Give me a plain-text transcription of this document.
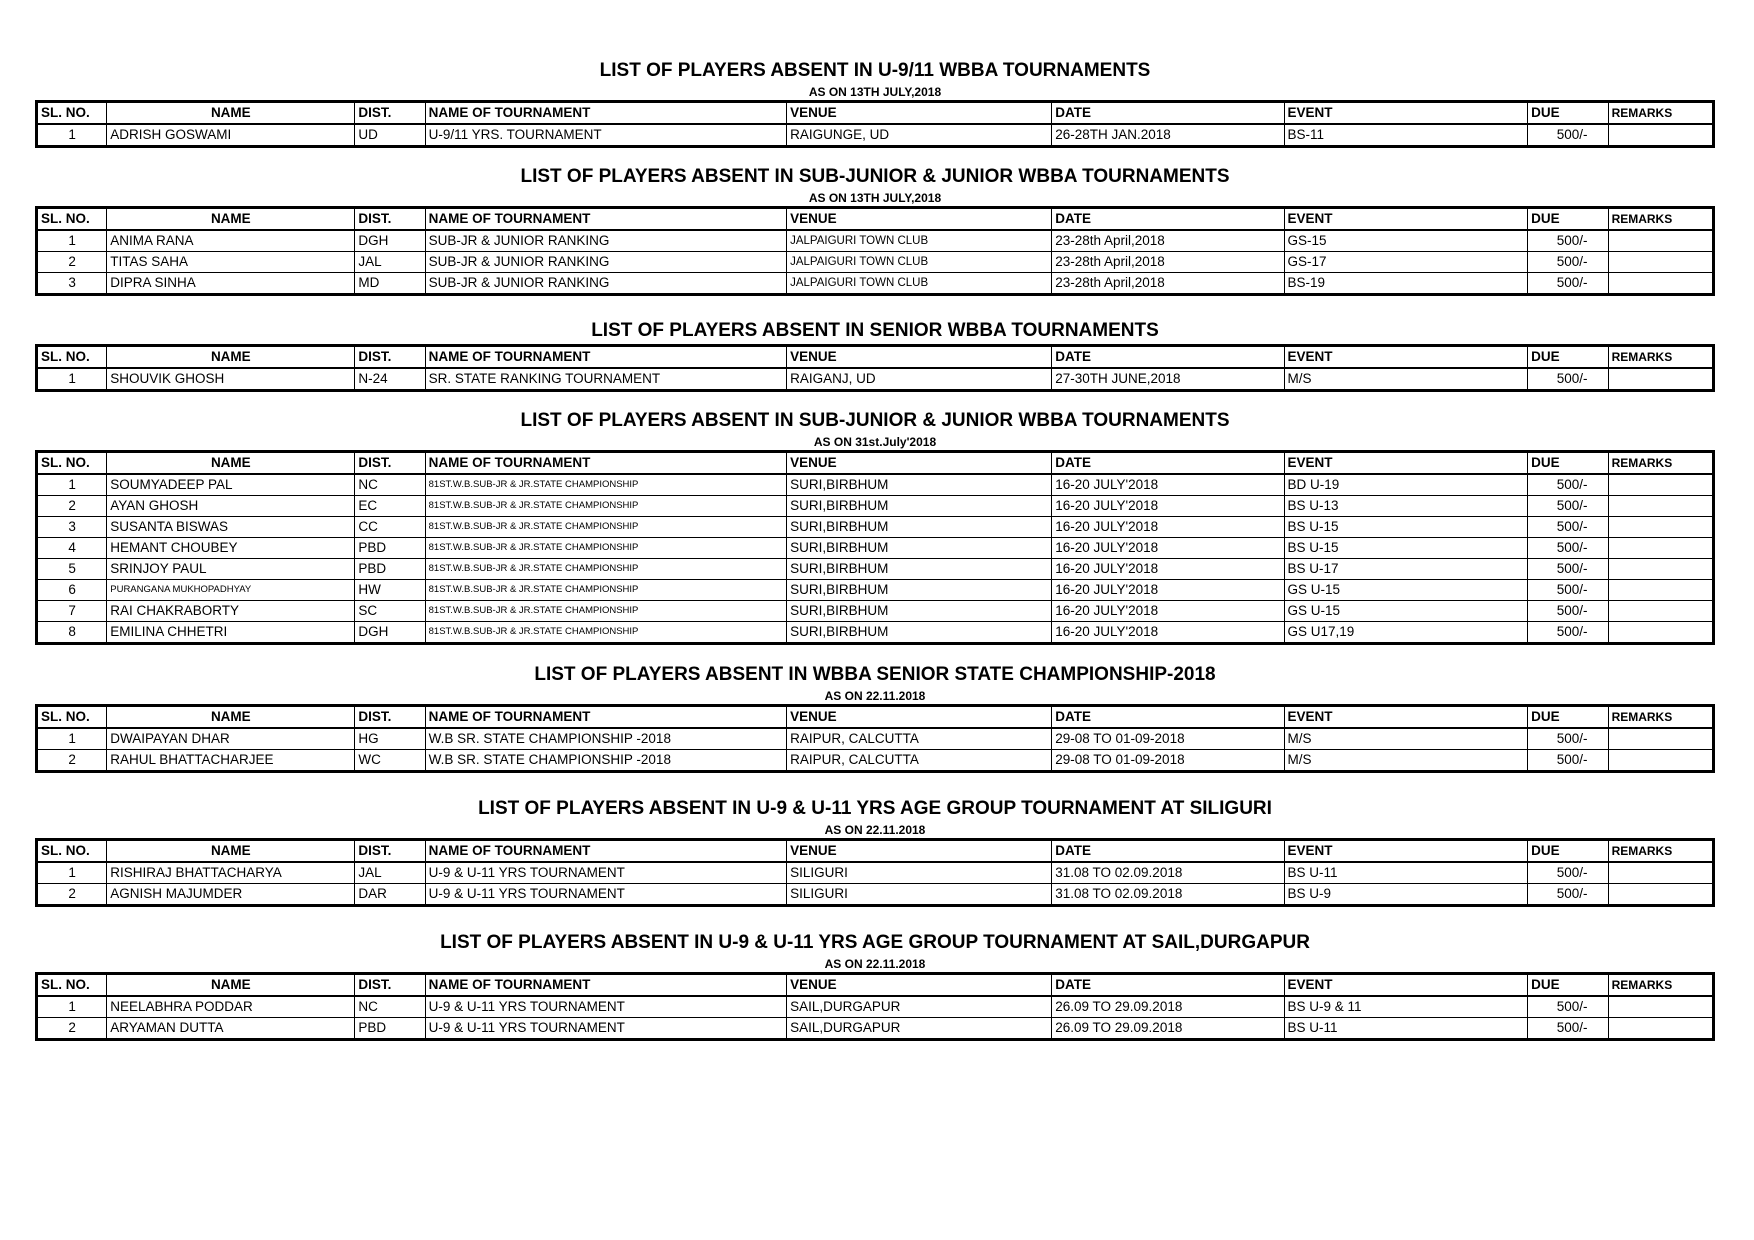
LIST OF PLAYERS ABSENT IN U-9/11 WBBA TOURNAMENTS
AS ON 13TH JULY,2018
SL. NO.	NAME	DIST.	NAME OF TOURNAMENT	VENUE	DATE	EVENT	DUE	REMARKS
1	ADRISH GOSWAMI	UD	U-9/11 YRS. TOURNAMENT	RAIGUNGE, UD	26-28TH JAN.2018	BS-11	500/-	
LIST OF PLAYERS ABSENT IN SUB-JUNIOR & JUNIOR WBBA TOURNAMENTS
AS ON 13TH JULY,2018
SL. NO.	NAME	DIST.	NAME OF TOURNAMENT	VENUE	DATE	EVENT	DUE	REMARKS
1	ANIMA RANA	DGH	SUB-JR & JUNIOR RANKING	JALPAIGURI TOWN CLUB	23-28th April,2018	GS-15	500/-	
2	TITAS SAHA	JAL	SUB-JR & JUNIOR RANKING	JALPAIGURI TOWN CLUB	23-28th April,2018	GS-17	500/-	
3	DIPRA SINHA	MD	SUB-JR & JUNIOR RANKING	JALPAIGURI TOWN CLUB	23-28th April,2018	BS-19	500/-	
LIST OF PLAYERS ABSENT IN SENIOR WBBA TOURNAMENTS
SL. NO.	NAME	DIST.	NAME OF TOURNAMENT	VENUE	DATE	EVENT	DUE	REMARKS
1	SHOUVIK GHOSH	N-24	SR. STATE RANKING TOURNAMENT	RAIGANJ, UD	27-30TH JUNE,2018	M/S	500/-	
LIST OF PLAYERS ABSENT IN SUB-JUNIOR & JUNIOR WBBA TOURNAMENTS
AS ON 31st.July'2018
SL. NO.	NAME	DIST.	NAME OF TOURNAMENT	VENUE	DATE	EVENT	DUE	REMARKS
1	SOUMYADEEP PAL	NC	81ST.W.B.SUB-JR & JR.STATE CHAMPIONSHIP	SURI,BIRBHUM	16-20 JULY'2018	BD U-19	500/-	
2	AYAN GHOSH	EC	81ST.W.B.SUB-JR & JR.STATE CHAMPIONSHIP	SURI,BIRBHUM	16-20 JULY'2018	BS U-13	500/-	
3	SUSANTA BISWAS	CC	81ST.W.B.SUB-JR & JR.STATE CHAMPIONSHIP	SURI,BIRBHUM	16-20 JULY'2018	BS U-15	500/-	
4	HEMANT CHOUBEY	PBD	81ST.W.B.SUB-JR & JR.STATE CHAMPIONSHIP	SURI,BIRBHUM	16-20 JULY'2018	BS U-15	500/-	
5	SRINJOY PAUL	PBD	81ST.W.B.SUB-JR & JR.STATE CHAMPIONSHIP	SURI,BIRBHUM	16-20 JULY'2018	BS U-17	500/-	
6	PURANGANA MUKHOPADHYAY	HW	81ST.W.B.SUB-JR & JR.STATE CHAMPIONSHIP	SURI,BIRBHUM	16-20 JULY'2018	GS U-15	500/-	
7	RAI CHAKRABORTY	SC	81ST.W.B.SUB-JR & JR.STATE CHAMPIONSHIP	SURI,BIRBHUM	16-20 JULY'2018	GS U-15	500/-	
8	EMILINA CHHETRI	DGH	81ST.W.B.SUB-JR & JR.STATE CHAMPIONSHIP	SURI,BIRBHUM	16-20 JULY'2018	GS U17,19	500/-	
LIST OF PLAYERS ABSENT IN WBBA SENIOR STATE CHAMPIONSHIP-2018
AS ON 22.11.2018
SL. NO.	NAME	DIST.	NAME OF TOURNAMENT	VENUE	DATE	EVENT	DUE	REMARKS
1	DWAIPAYAN DHAR	HG	W.B SR. STATE CHAMPIONSHIP -2018	RAIPUR, CALCUTTA	29-08 TO 01-09-2018	M/S	500/-	
2	RAHUL BHATTACHARJEE	WC	W.B SR. STATE CHAMPIONSHIP -2018	RAIPUR, CALCUTTA	29-08 TO 01-09-2018	M/S	500/-	
LIST OF PLAYERS ABSENT IN U-9 & U-11 YRS AGE GROUP TOURNAMENT AT SILIGURI
AS ON 22.11.2018
SL. NO.	NAME	DIST.	NAME OF TOURNAMENT	VENUE	DATE	EVENT	DUE	REMARKS
1	RISHIRAJ BHATTACHARYA	JAL	U-9 & U-11 YRS TOURNAMENT	SILIGURI	31.08 TO 02.09.2018	BS U-11	500/-	
2	AGNISH MAJUMDER	DAR	U-9 & U-11 YRS TOURNAMENT	SILIGURI	31.08 TO 02.09.2018	BS U-9	500/-	
LIST OF PLAYERS ABSENT IN U-9 & U-11 YRS AGE GROUP TOURNAMENT AT SAIL,DURGAPUR
AS ON 22.11.2018
SL. NO.	NAME	DIST.	NAME OF TOURNAMENT	VENUE	DATE	EVENT	DUE	REMARKS
1	NEELABHRA PODDAR	NC	U-9 & U-11 YRS TOURNAMENT	SAIL,DURGAPUR	26.09 TO 29.09.2018	BS U-9 & 11	500/-	
2	ARYAMAN DUTTA	PBD	U-9 & U-11 YRS TOURNAMENT	SAIL,DURGAPUR	26.09 TO 29.09.2018	BS U-11	500/-	
